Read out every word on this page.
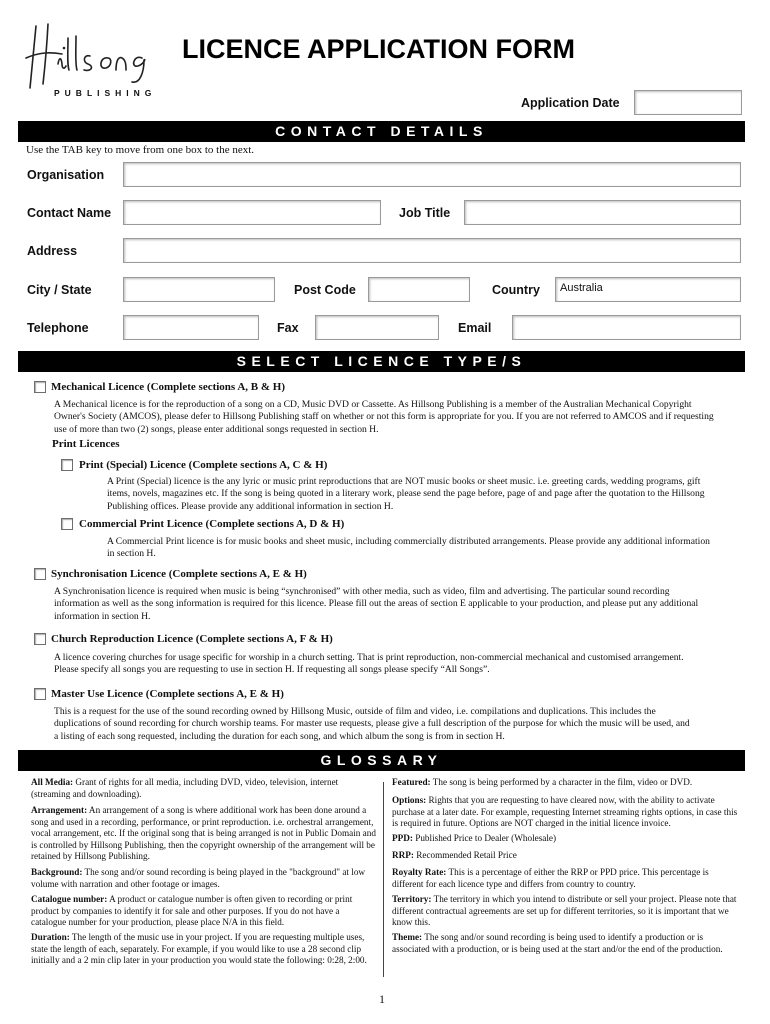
PUBLISHING
LICENCE APPLICATION FORM
Application Date
CONTACT DETAILS
Use the TAB key to move from one box to the next.
Organisation
Contact Name	Job Title
Address
City / State	Post Code	Country	Australia
Telephone	Fax	Email
SELECT LICENCE TYPE/S
Mechanical Licence (Complete sections A, B & H)
A Mechanical licence is for the reproduction of a song on a CD, Music DVD or Cassette. As Hillsong Publishing is a member of the Australian Mechanical Copyright Owner's Society (AMCOS), please defer to Hillsong Publishing staff on whether or not this form is appropriate for you. If you are not referred to AMCOS and if requesting use of more than two (2) songs, please enter additional songs requested in section H.
Print Licences
Print (Special) Licence (Complete sections A, C & H)
A Print (Special) licence is the any lyric or music print reproductions that are NOT music books or sheet music. i.e. greeting cards, wedding programs, gift items, novels, magazines etc. If the song is being quoted in a literary work, please send the page before, page of and page after the quotation to the Hillsong Publishing offices. Please provide any additional information in section H.
Commercial Print Licence (Complete sections A, D & H)
A Commercial Print licence is for music books and sheet music, including commercially distributed arrangements. Please provide any additional information in section H.
Synchronisation Licence (Complete sections A, E & H)
A Synchronisation licence is required when music is being “synchronised” with other media, such as video, film and advertising. The particular sound recording information as well as the song information is required for this licence. Please fill out the areas of section E applicable to your production, and please put any additional information in section H.
Church Reproduction Licence (Complete sections A, F & H)
A licence covering churches for usage specific for worship in a church setting. That is print reproduction, non-commercial mechanical and customised arrangement. Please specify all songs you are requesting to use in section H. If requesting all songs please specify “All Songs”.
Master Use Licence (Complete sections A, E & H)
This is a request for the use of the sound recording owned by Hillsong Music, outside of film and video, i.e. compilations and duplications. This includes the duplications of sound recording for church worship teams. For master use requests, please give a full description of the purpose for which the music will be used, and a listing of each song requested, including the duration for each song, and which album the song is from in section H.
GLOSSARY
All Media: Grant of rights for all media, including DVD, video, television, internet (streaming and downloading).
Arrangement: An arrangement of a song is where additional work has been done around a song and used in a recording, performance, or print reproduction. i.e. orchestral arrangement, vocal arrangement, etc. If the original song that is being arranged is not in Public Domain and is controlled by Hillsong Publishing, then the copyright ownership of the arrangement will be retained by Hillsong Publishing.
Background: The song and/or sound recording is being played in the "background" at low volume with narration and other footage or images.
Catalogue number: A product or catalogue number is often given to recording or print product by companies to identify it for sale and other purposes. If you do not have a catalogue number for your production, please place N/A in this field.
Duration: The length of the music use in your project. If you are requesting multiple uses, state the length of each, separately. For example, if you would like to use a 28 second clip initially and a 2 min clip later in your production you would state the following: 0:28, 2:00.
Featured: The song is being performed by a character in the film, video or DVD.
Options: Rights that you are requesting to have cleared now, with the ability to activate purchase at a later date. For example, requesting Internet streaming rights options, in case this is required in future. Options are NOT charged in the initial licence invoice.
PPD: Published Price to Dealer (Wholesale)
RRP: Recommended Retail Price
Royalty Rate: This is a percentage of either the RRP or PPD price. This percentage is different for each licence type and differs from country to country.
Territory: The territory in which you intend to distribute or sell your project. Please note that different contractual agreements are set up for different territories, so it is important that we know this.
Theme: The song and/or sound recording is being used to identify a production or is associated with a production, or is being used at the start and/or the end of the production.
1
